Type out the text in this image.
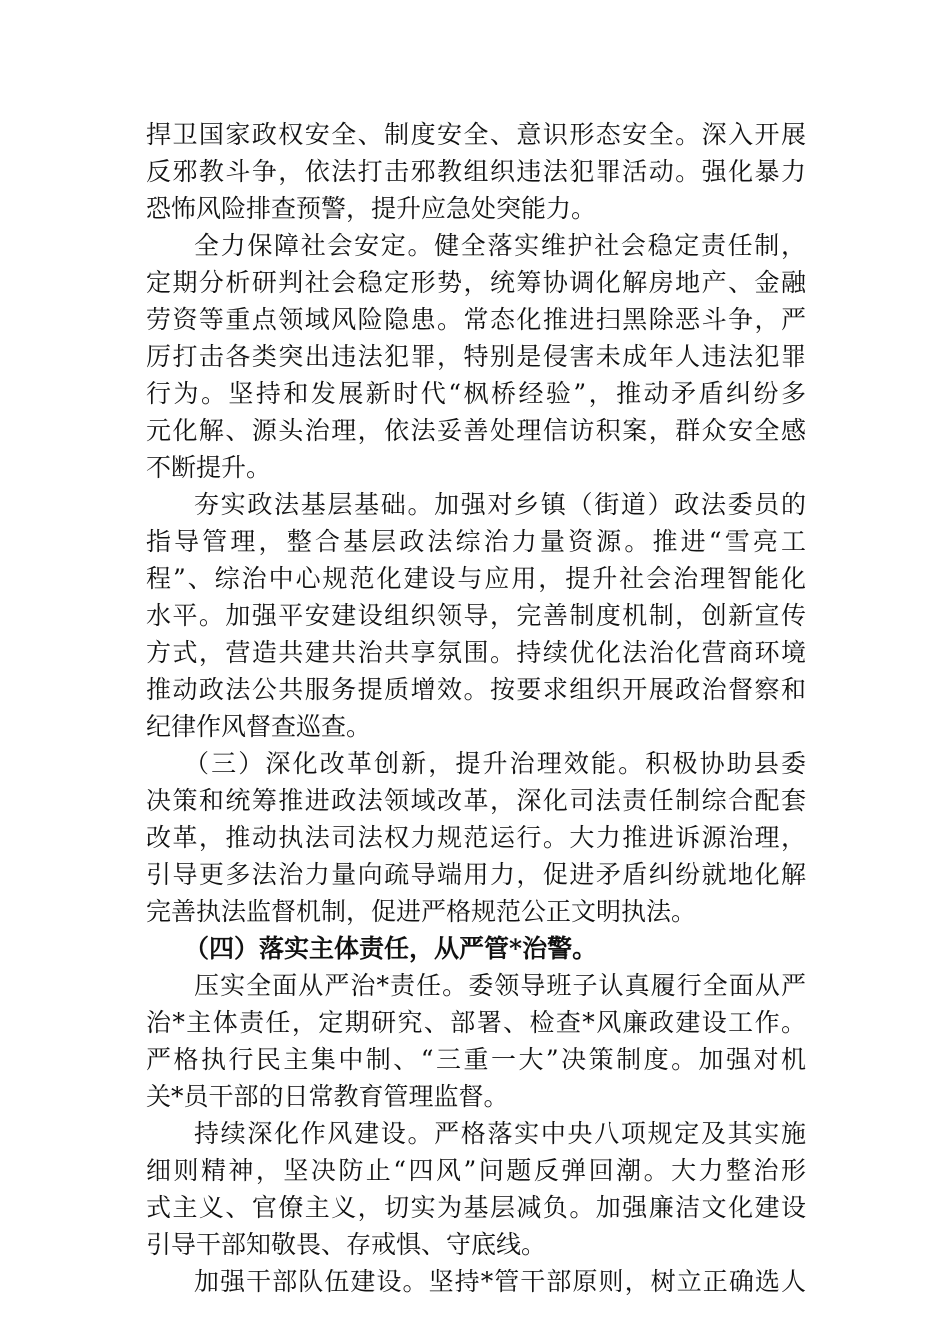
捍卫国家政权安全、制度安全、意识形态安全。深入开展
反邪教斗争，依法打击邪教组织违法犯罪活动。强化暴力
恐怖风险排查预警，提升应急处突能力。
全力保障社会安定。健全落实维护社会稳定责任制，
定期分析研判社会稳定形势，统筹协调化解房地产、金融
劳资等重点领域风险隐患。常态化推进扫黑除恶斗争，严
厉打击各类突出违法犯罪，特别是侵害未成年人违法犯罪
行为。坚持和发展新时代“枫桥经验”，推动矛盾纠纷多
元化解、源头治理，依法妥善处理信访积案，群众安全感
不断提升。
夯实政法基层基础。加强对乡镇（街道）政法委员的
指导管理，整合基层政法综治力量资源。推进“雪亮工
程”、综治中心规范化建设与应用，提升社会治理智能化
水平。加强平安建设组织领导，完善制度机制，创新宣传
方式，营造共建共治共享氛围。持续优化法治化营商环境
推动政法公共服务提质增效。按要求组织开展政治督察和
纪律作风督查巡查。
（三）深化改革创新，提升治理效能。积极协助县委
决策和统筹推进政法领域改革，深化司法责任制综合配套
改革，推动执法司法权力规范运行。大力推进诉源治理，
引导更多法治力量向疏导端用力，促进矛盾纠纷就地化解
完善执法监督机制，促进严格规范公正文明执法。
（四）落实主体责任，从严管*治警。
压实全面从严治*责任。委领导班子认真履行全面从严
治*主体责任，定期研究、部署、检查*风廉政建设工作。
严格执行民主集中制、“三重一大”决策制度。加强对机
关*员干部的日常教育管理监督。
持续深化作风建设。严格落实中央八项规定及其实施
细则精神，坚决防止“四风”问题反弹回潮。大力整治形
式主义、官僚主义，切实为基层减负。加强廉洁文化建设
引导干部知敬畏、存戒惧、守底线。
加强干部队伍建设。坚持*管干部原则，树立正确选人
